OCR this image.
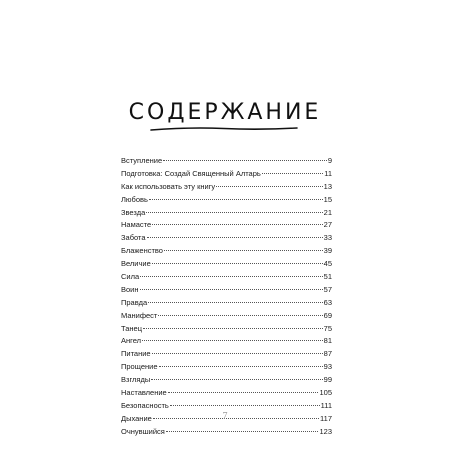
СОДЕРЖАНИЕ
Вступление	9
Подготовка: Создай Священный Алтарь	11
Как использовать эту книгу	13
Любовь	15
Звезда	21
Намасте	27
Забота	33
Блаженство	39
Величие	45
Сила	51
Воин	57
Правда	63
Манифест	69
Танец	75
Ангел	81
Питание	87
Прощение	93
Взгляды	99
Наставление	105
Безопасность	111
Дыхание	117
Очнувшийся	123
7
